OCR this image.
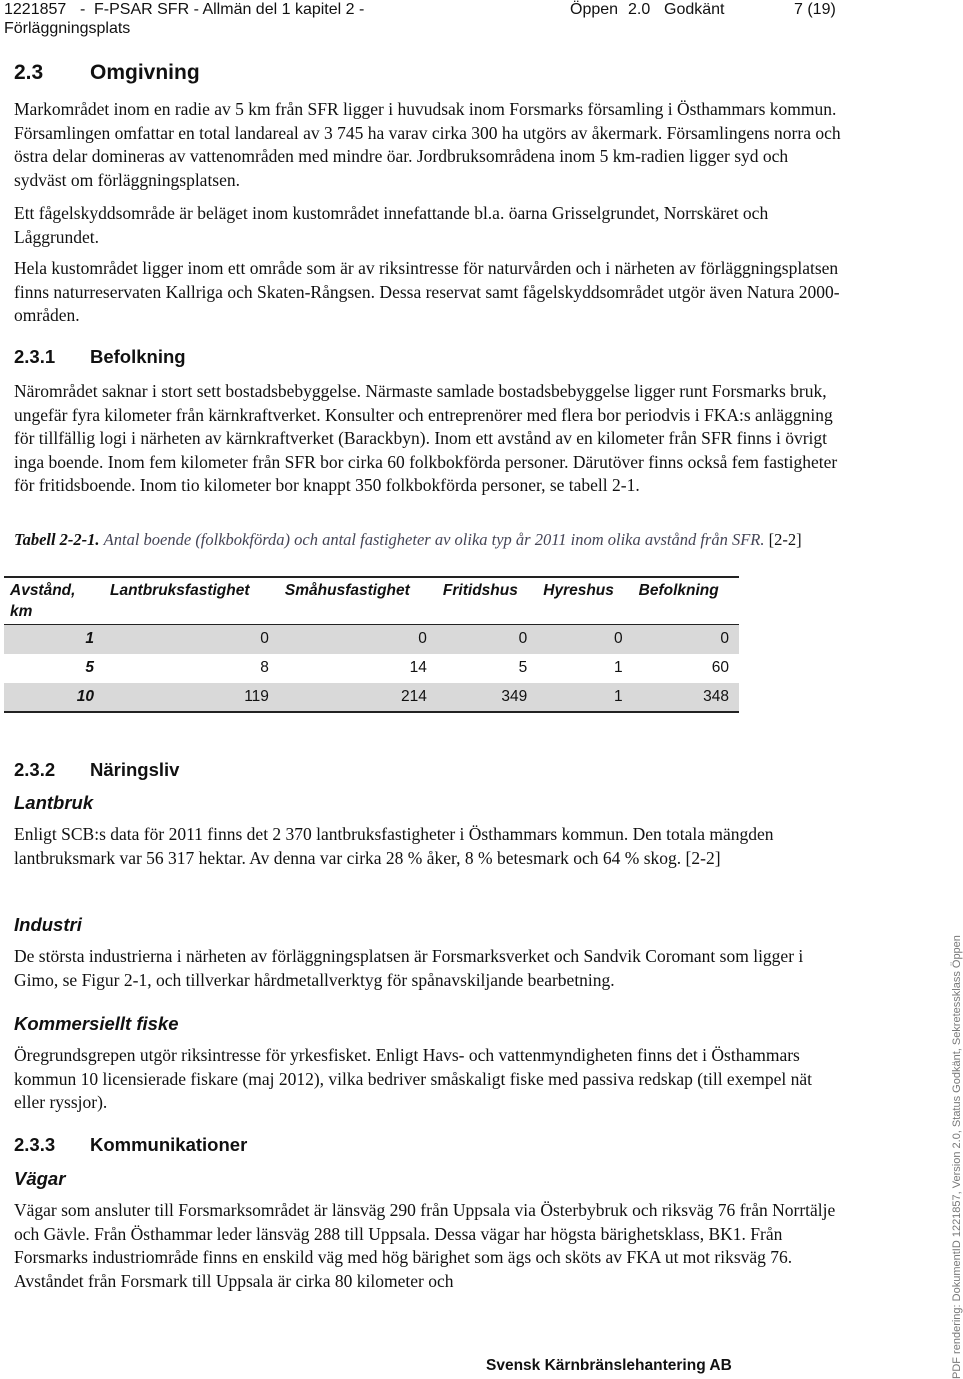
1221857 - F-PSAR SFR - Allmän del 1 kapitel 2 -
Förläggningsplats
Öppen 2.0 Godkänt	7 (19)
2.3 Omgivning

Markområdet inom en radie av 5 km från SFR ligger i huvudsak inom Forsmarks församling i Östhammars kommun. Församlingen omfattar en total landareal av 3 745 ha varav cirka 300 ha utgörs av åkermark. Församlingens norra och östra delar domineras av vattenområden med mindre öar. Jordbruksområdena inom 5 km-radien ligger syd och sydväst om förläggningsplatsen.

Ett fågelskyddsområde är beläget inom kustområdet innefattande bl.a. öarna Grisselgrundet, Norrskäret och Låggrundet.

Hela kustområdet ligger inom ett område som är av riksintresse för naturvården och i närheten av förläggningsplatsen finns naturreservaten Kallriga och Skaten-Rångsen. Dessa reservat samt fågelskyddsområdet utgör även Natura 2000-områden.

2.3.1 Befolkning

Närområdet saknar i stort sett bostadsbebyggelse. Närmaste samlade bostadsbebyggelse ligger runt Forsmarks bruk, ungefär fyra kilometer från kärnkraftverket. Konsulter och entreprenörer med flera bor periodvis i FKA:s anläggning för tillfällig logi i närheten av kärnkraftverket (Barackbyn). Inom ett avstånd av en kilometer från SFR finns i övrigt inga boende. Inom fem kilometer från SFR bor cirka 60 folkbokförda personer. Därutöver finns också fem fastigheter för fritidsboende. Inom tio kilometer bor knappt 350 folkbokförda personer, se tabell 2-1.

Tabell 2-2-1. Antal boende (folkbokförda) och antal fastigheter av olika typ år 2011 inom olika avstånd från SFR. [2-2]
Avstånd, km	Lantbruksfastighet	Småhusfastighet	Fritidshus	Hyreshus	Befolkning
1	0	0	0	0	0
5	8	14	5	1	60
10	119	214	349	1	348
2.3.2 Näringsliv
Lantbruk

Enligt SCB:s data för 2011 finns det 2 370 lantbruksfastigheter i Östhammars kommun. Den totala mängden lantbruksmark var 56 317 hektar. Av denna var cirka 28 % åker, 8 % betesmark och 64 % skog. [2-2]

Industri

De största industrierna i närheten av förläggningsplatsen är Forsmarksverket och Sandvik Coromant som ligger i Gimo, se Figur 2-1, och tillverkar hårdmetallverktyg för spånavskiljande bearbetning.

Kommersiellt fiske

Öregrundsgrepen utgör riksintresse för yrkesfisket. Enligt Havs- och vattenmyndigheten finns det i Östhammars kommun 10 licensierade fiskare (maj 2012), vilka bedriver småskaligt fiske med passiva redskap (till exempel nät eller ryssjor).

2.3.3 Kommunikationer
Vägar

Vägar som ansluter till Forsmarksområdet är länsväg 290 från Uppsala via Österbybruk och riksväg 76 från Norrtälje och Gävle. Från Östhammar leder länsväg 288 till Uppsala. Dessa vägar har högsta bärighetsklass, BK1. Från Forsmarks industriområde finns en enskild väg med hög bärighet som ägs och sköts av FKA ut mot riksväg 76. Avståndet från Forsmark till Uppsala är cirka 80 kilometer och

Svensk Kärnbränslehantering AB	PDF rendering: DokumentID 1221857, Version 2.0, Status Godkänt, Sekretessklass Öppen
